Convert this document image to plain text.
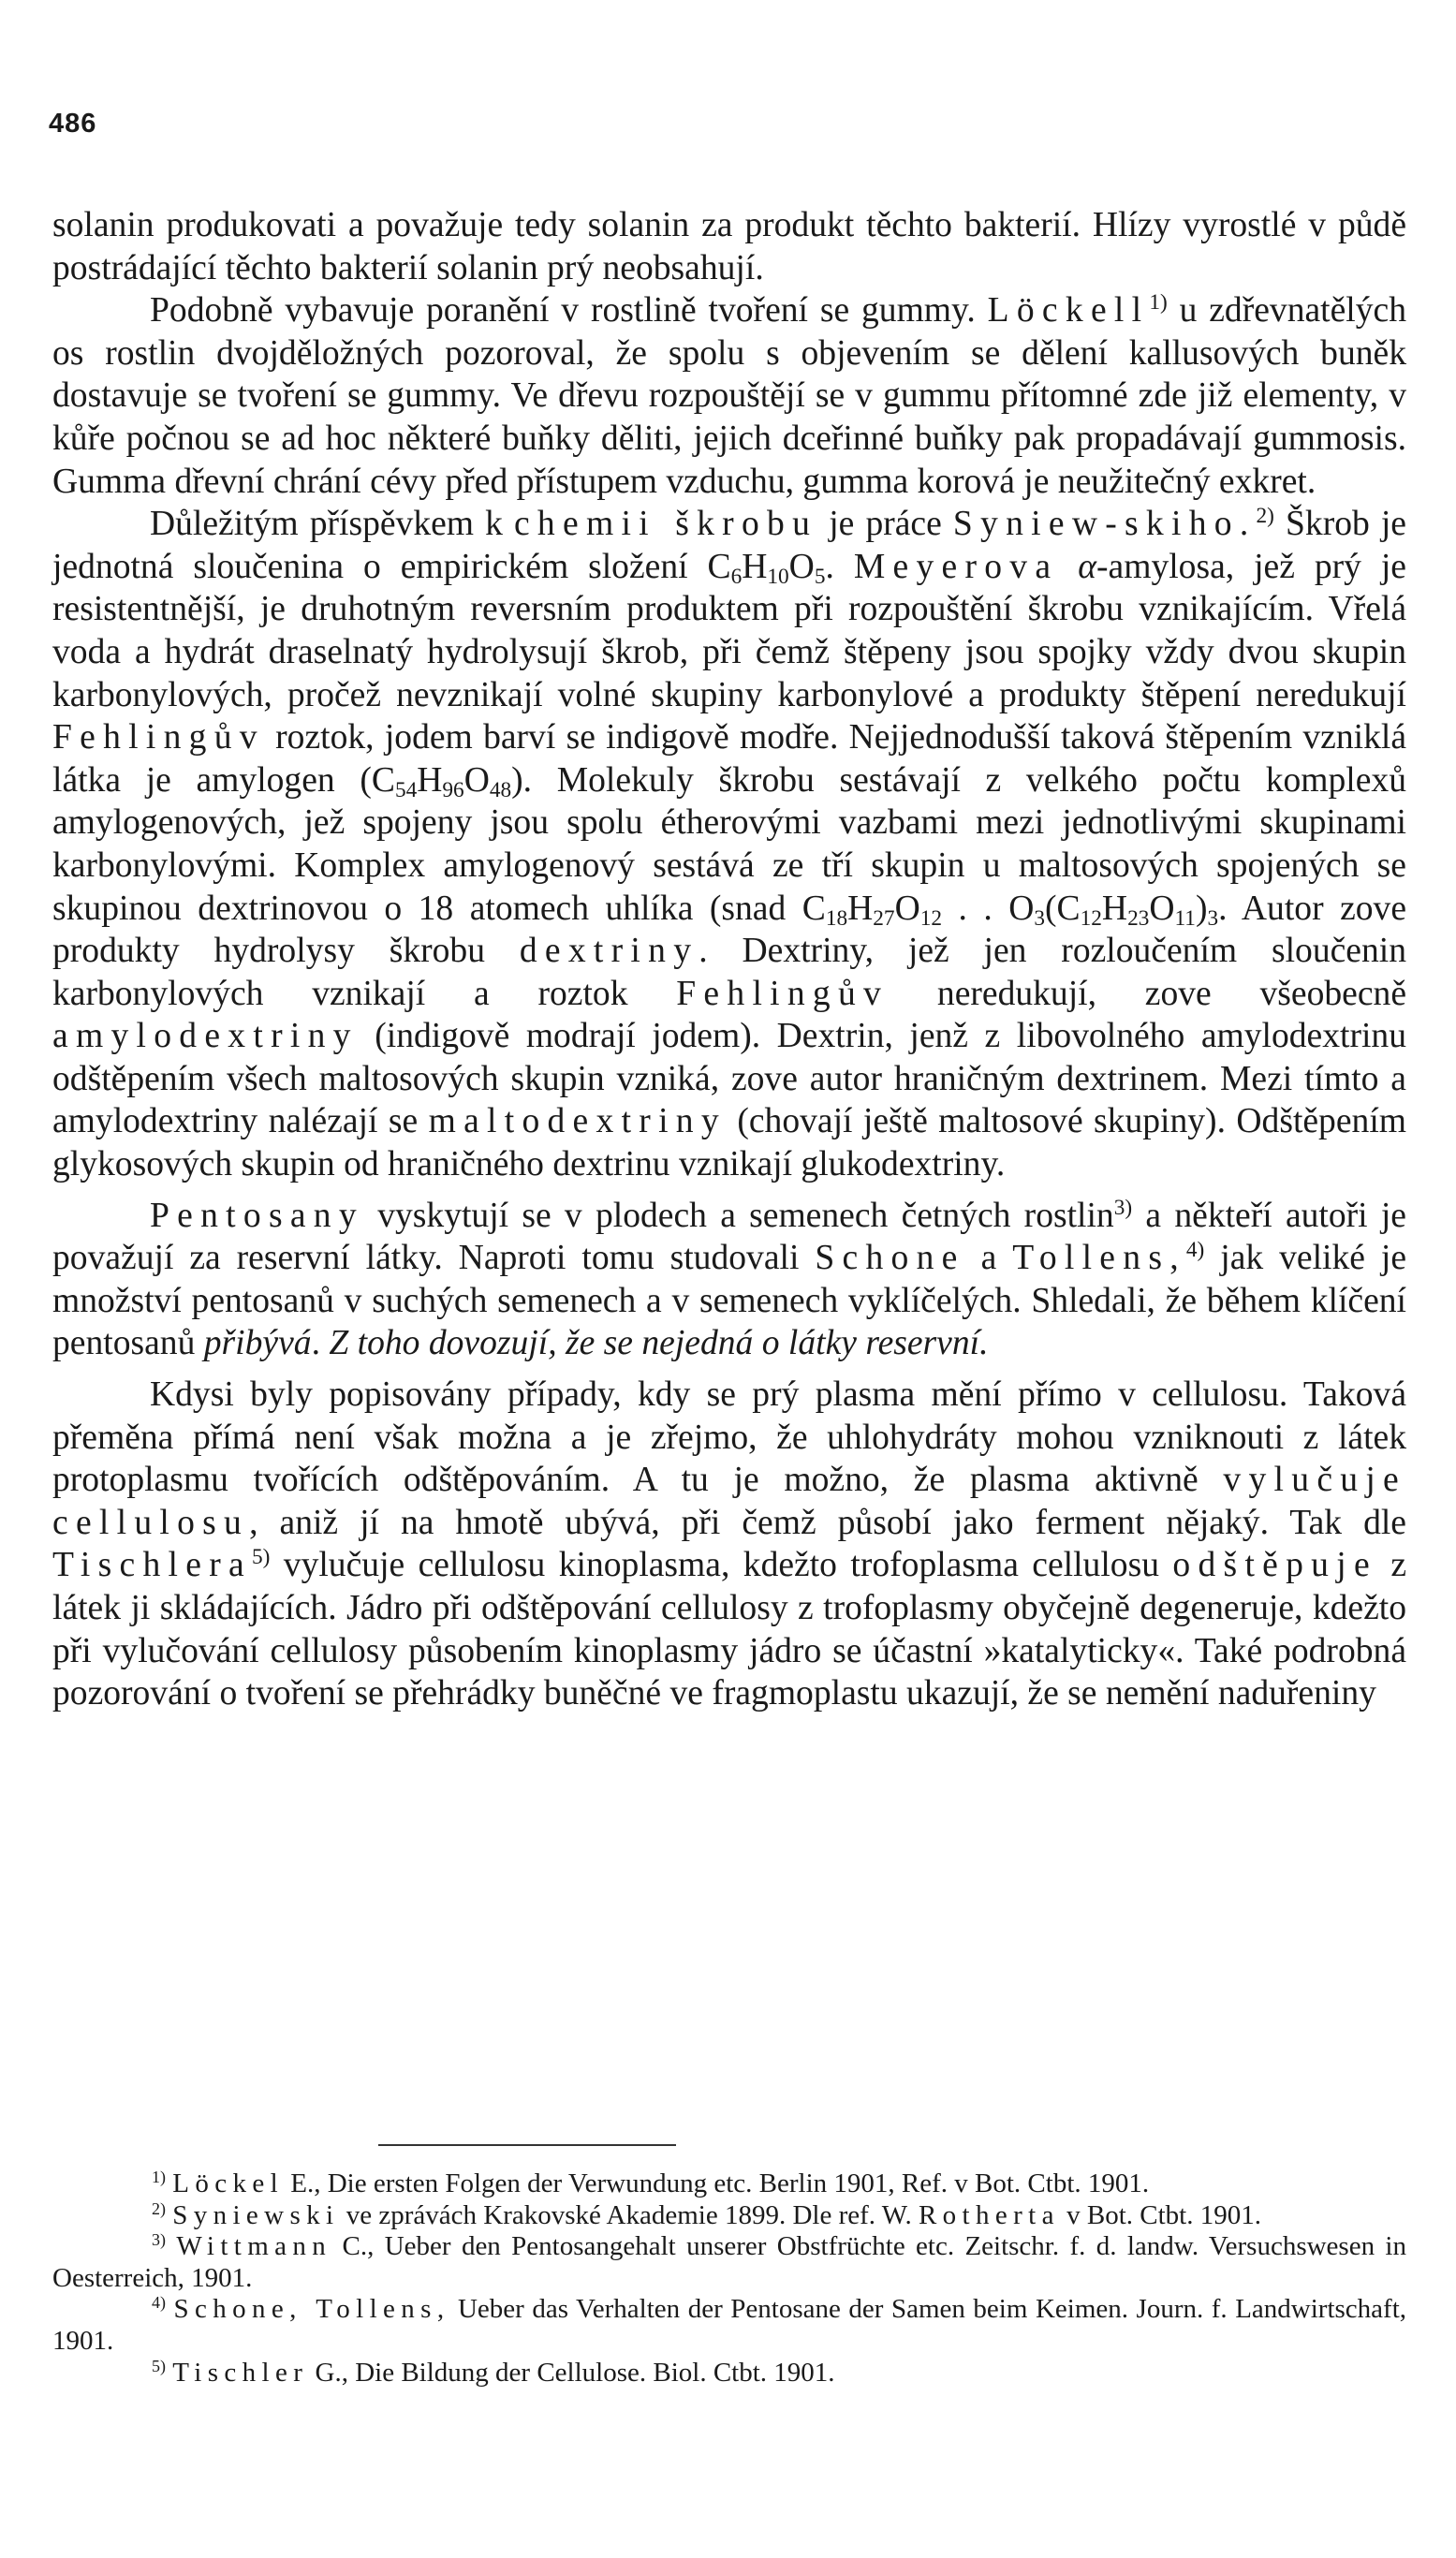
486

solanin produkovati a považuje tedy solanin za produkt těchto bakterií. Hlízy vyrostlé v půdě postrádající těchto bakterií solanin prý neobsahují.

Podobně vybavuje poranění v rostlině tvoření se gummy. Löckell$^{1)}$ u zdřevnatělých os rostlin dvojděložných pozoroval, že spolu s objevením se dělení kallusových buněk dostavuje se tvoření se gummy. Ve dřevu rozpouštějí se v gummu přítomné zde již elementy, v kůře počnou se ad hoc některé buňky děliti, jejich dceřinné buňky pak propadávají gummosis. Gumma dřevní chrání cévy před přístupem vzduchu, gumma korová je neužitečný exkret.

Důležitým příspěvkem k chemii škrobu je práce Syniew-skiho.$^{2)}$ Škrob je jednotná sloučenina o empirickém složení $C_6H_{10}O_5$. Meyerova α-amylosa, jež prý je resistentnější, je druhotným reversním produktem při rozpouštění škrobu vznikajícím. Vřelá voda a hydrát draselnatý hydrolysují škrob, při čemž štěpeny jsou spojky vždy dvou skupin karbonylových, pročež nevznikají volné skupiny karbonylové a produkty štěpení neredukují Fehlingův roztok, jodem barví se indigově modře. Nejjednodušší taková štěpením vzniklá látka je amylogen $(C_{54}H_{96}O_{48})$. Molekuly škrobu sestávají z velkého počtu komplexů amylogenových, jež spojeny jsou spolu étherovými vazbami mezi jednotlivými skupinami karbonylovými. Komplex amylogenový sestává ze tří skupin u maltosových spojených se skupinou dextrinovou o 18 atomech uhlíka (snad $C_{18}H_{27}O_{12}$ . . $O_3(C_{12}H_{23}O_{11})_3$. Autor zove produkty hydrolysy škrobu dextriny. Dextriny, jež jen rozloučením sloučenin karbonylových vznikají a roztok Fehlingův neredukují, zove všeobecně amylodextriny (indigově modrají jodem). Dextrin, jenž z libovolného amylodextrinu odštěpením všech maltosových skupin vzniká, zove autor hraničným dextrinem. Mezi tímto a amylodextriny nalézají se maltodextriny (chovají ještě maltosové skupiny). Odštěpením glykosových skupin od hraničného dextrinu vznikají glukodextriny.

Pentosany vyskytují se v plodech a semenech četných rostlin$^{3)}$ a někteří autoři je považují za reservní látky. Naproti tomu studovali Schone a Tollens,$^{4)}$ jak veliké je množství pentosanů v suchých semenech a v semenech vyklíčelých. Shledali, že během klíčení pentosanů přibývá. Z toho dovozují, že se nejedná o látky reservní.

Kdysi byly popisovány případy, kdy se prý plasma mění přímo v cellulosu. Taková přeměna přímá není však možna a je zřejmo, že uhlohydráty mohou vzniknouti z látek protoplasmu tvořících odštěpováním. A tu je možno, že plasma aktivně vylučuje cellulosu, aniž jí na hmotě ubývá, při čemž působí jako ferment nějaký. Tak dle Tischlera$^{5)}$ vylučuje cellulosu kinoplasma, kdežto trofoplasma cellulosu odštěpuje z látek ji skládajících. Jádro při odštěpování cellulosy z trofoplasmy obyčejně degeneruje, kdežto při vylučování cellulosy působením kinoplasmy jádro se účastní »katalyticky«. Také podrobná pozorování o tvoření se přehrádky buněčné ve fragmoplastu ukazují, že se nemění naduřeniny

$^{1)}$ Löckel E., Die ersten Folgen der Verwundung etc. Berlin 1901, Ref. v Bot. Ctbt. 1901.

$^{2)}$ Syniewski ve zprávách Krakovské Akademie 1899. Dle ref. W. Rotherta v Bot. Ctbt. 1901.

$^{3)}$ Wittmann C., Ueber den Pentosangehalt unserer Obstfrüchte etc. Zeitschr. f. d. landw. Versuchswesen in Oesterreich, 1901.

$^{4)}$ Schone, Tollens, Ueber das Verhalten der Pentosane der Samen beim Keimen. Journ. f. Landwirtschaft, 1901.

$^{5)}$ Tischler G., Die Bildung der Cellulose. Biol. Ctbt. 1901.
